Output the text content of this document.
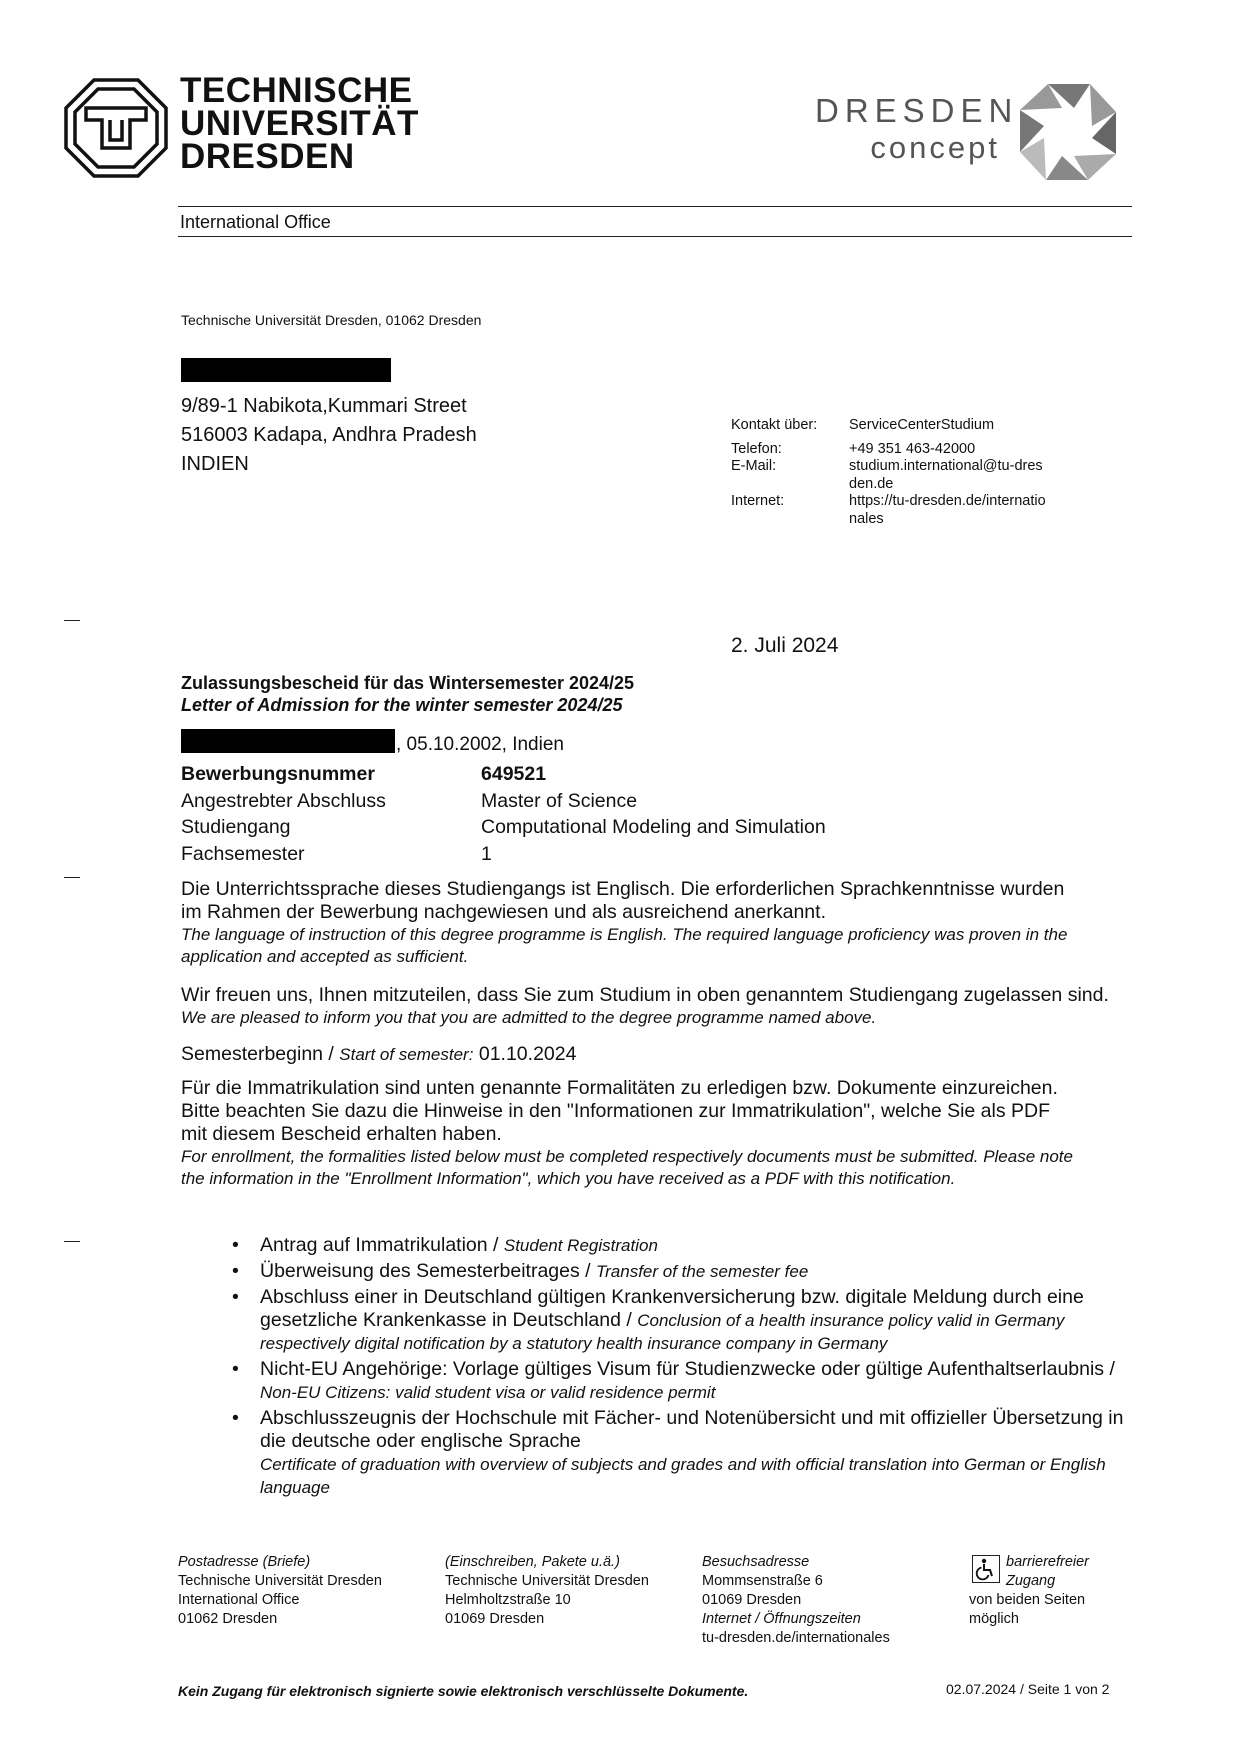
TECHNISCHE
UNIVERSITÄT
DRESDEN
DRESDEN
concept
International Office
Technische Universität Dresden, 01062 Dresden
9/89-1 Nabikota,Kummari Street
516003 Kadapa, Andhra Pradesh
INDIEN
Kontakt über:	ServiceCenterStudium

Telefon:	+49 351 463-42000
E-Mail:	studium.international@tu-dresden.de
Internet:	https://tu-dresden.de/internationales
2. Juli 2024
Zulassungsbescheid für das Wintersemester 2024/25
Letter of Admission for the winter semester 2024/25
, 05.10.2002, Indien
Bewerbungsnummer	649521
Angestrebter Abschluss	Master of Science
Studiengang	Computational Modeling and Simulation
Fachsemester	1
Die Unterrichtssprache dieses Studiengangs ist Englisch. Die erforderlichen Sprachkenntnisse wurden im Rahmen der Bewerbung nachgewiesen und als ausreichend anerkannt.
The language of instruction of this degree programme is English. The required language proficiency was proven in the application and accepted as sufficient.
Wir freuen uns, Ihnen mitzuteilen, dass Sie zum Studium in oben genanntem Studiengang zugelassen sind.
We are pleased to inform you that you are admitted to the degree programme named above.
Semesterbeginn / Start of semester: 01.10.2024
Für die Immatrikulation sind unten genannte Formalitäten zu erledigen bzw. Dokumente einzureichen. Bitte beachten Sie dazu die Hinweise in den "Informationen zur Immatrikulation", welche Sie als PDF mit diesem Bescheid erhalten haben.
For enrollment, the formalities listed below must be completed respectively documents must be submitted. Please note the information in the "Enrollment Information", which you have received as a PDF with this notification.
• Antrag auf Immatrikulation / Student Registration
• Überweisung des Semesterbeitrages / Transfer of the semester fee
• Abschluss einer in Deutschland gültigen Krankenversicherung bzw. digitale Meldung durch eine gesetzliche Krankenkasse in Deutschland / Conclusion of a health insurance policy valid in Germany respectively digital notification by a statutory health insurance company in Germany
• Nicht-EU Angehörige: Vorlage gültiges Visum für Studienzwecke oder gültige Aufenthaltserlaubnis / Non-EU Citizens: valid student visa or valid residence permit
• Abschlusszeugnis der Hochschule mit Fächer- und Notenübersicht und mit offizieller Übersetzung in die deutsche oder englische Sprache
Certificate of graduation with overview of subjects and grades and with official translation into German or English language
Postadresse (Briefe)
Technische Universität Dresden
International Office
01062 Dresden
(Einschreiben, Pakete u.ä.)
Technische Universität Dresden
Helmholtzstraße 10
01069 Dresden
Besuchsadresse
Mommsenstraße 6
01069 Dresden
Internet / Öffnungszeiten
tu-dresden.de/internationales
barrierefreier
Zugang
von beiden Seiten
möglich
Kein Zugang für elektronisch signierte sowie elektronisch verschlüsselte Dokumente.	02.07.2024 / Seite 1 von 2
